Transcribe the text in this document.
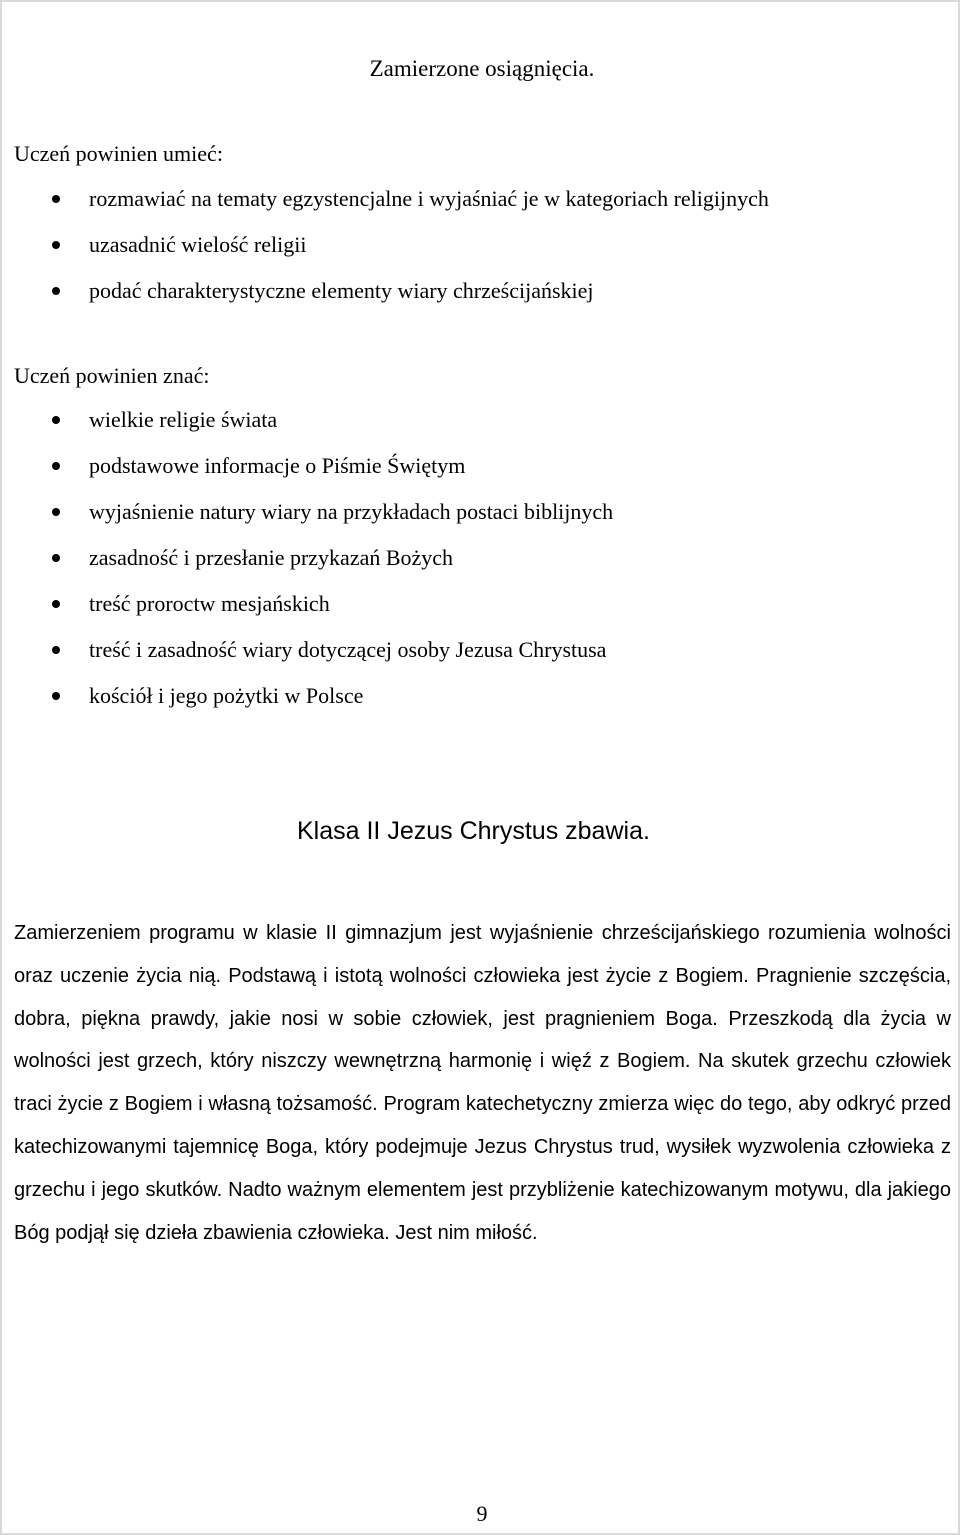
Zamierzone osiągnięcia.
Uczeń powinien umieć:
rozmawiać na tematy egzystencjalne i wyjaśniać je w kategoriach religijnych
uzasadnić wielość religii
podać charakterystyczne elementy wiary chrześcijańskiej
Uczeń powinien znać:
wielkie religie świata
podstawowe informacje o Piśmie Świętym
wyjaśnienie natury wiary na przykładach postaci biblijnych
zasadność i przesłanie przykazań Bożych
treść proroctw mesjańskich
treść i zasadność wiary dotyczącej osoby Jezusa Chrystusa
kościół i jego pożytki w Polsce
Klasa II Jezus Chrystus zbawia.
Zamierzeniem programu w klasie II gimnazjum jest wyjaśnienie chrześcijańskiego rozumienia wolności oraz uczenie życia nią. Podstawą i istotą wolności człowieka jest życie z Bogiem. Pragnienie szczęścia, dobra, piękna prawdy, jakie nosi w sobie człowiek, jest pragnieniem Boga. Przeszkodą dla życia w wolności jest grzech, który niszczy wewnętrzną harmonię i więź z Bogiem. Na skutek grzechu człowiek traci życie z Bogiem i własną tożsamość. Program katechetyczny zmierza więc do tego, aby odkryć przed katechizowanymi tajemnicę Boga, który podejmuje Jezus Chrystus trud, wysiłek wyzwolenia człowieka z grzechu i jego skutków. Nadto ważnym elementem jest przybliżenie katechizowanym motywu, dla jakiego Bóg podjął się dzieła zbawienia człowieka. Jest nim miłość.
9
